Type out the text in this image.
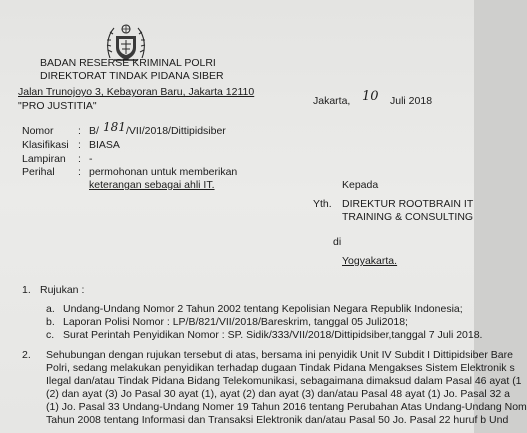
BADAN RESERSE KRIMINAL POLRI
DIREKTORAT TINDAK PIDANA SIBER
Jalan Trunojoyo 3, Kebayoran Baru, Jakarta 12110
"PRO JUSTITIA"	Jakarta, 10 Juli 2018
Nomor : B/ 181 /VII/2018/Dittipidsiber
Klasifikasi : BIASA
Lampiran : -
Perihal : permohonan untuk memberikan
keterangan sebagai ahli IT.	Kepada
Yth. DIREKTUR ROOTBRAIN IT
TRAINING & CONSULTING
di
Yogyakarta.
1. Rujukan :
a. Undang-Undang Nomor 2 Tahun 2002 tentang Kepolisian Negara Republik Indonesia;
b. Laporan Polisi Nomor : LP/B/821/VII/2018/Bareskrim, tanggal 05 Juli2018;
c. Surat Perintah Penyidikan Nomor : SP. Sidik/333/VII/2018/Dittipidsiber,tanggal 7 Juli 2018.
2. Sehubungan dengan rujukan tersebut di atas, bersama ini penyidik Unit IV Subdit I Dittipidsiber Bare
Polri, sedang melakukan penyidikan terhadap dugaan Tindak Pidana Mengakses Sistem Elektronik s
Ilegal dan/atau Tindak Pidana Bidang Telekomunikasi, sebagaimana dimaksud dalam Pasal 46 ayat (1
(2) dan ayat (3) Jo Pasal 30 ayat (1), ayat (2) dan ayat (3) dan/atau Pasal 48 ayat (1) Jo. Pasal 32 a
(1) Jo. Pasal 33 Undang-Undang Nomer 19 Tahun 2016 tentang Perubahan Atas Undang-Undang Nom
Tahun 2008 tentang Informasi dan Transaksi Elektronik dan/atau Pasal 50 Jo. Pasal 22 huruf b Und
